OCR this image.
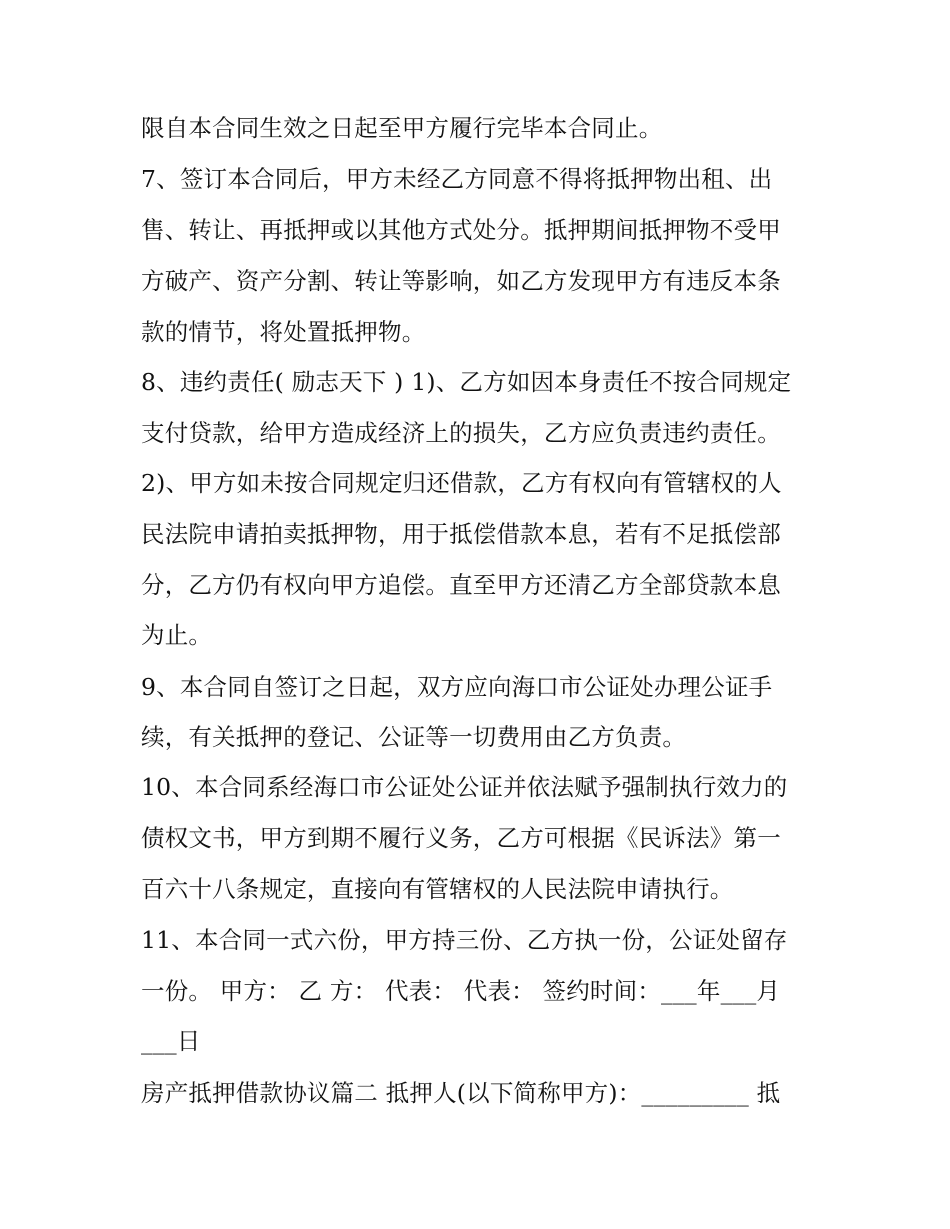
限自本合同生效之日起至甲方履行完毕本合同止。
7、签订本合同后，甲方未经乙方同意不得将抵押物出租、出
售、转让、再抵押或以其他方式处分。抵押期间抵押物不受甲
方破产、资产分割、转让等影响，如乙方发现甲方有违反本条
款的情节，将处置抵押物。
8、违约责任( 励志天下 ) 1)、乙方如因本身责任不按合同规定
支付贷款，给甲方造成经济上的损失，乙方应负责违约责任。
2)、甲方如未按合同规定归还借款，乙方有权向有管辖权的人
民法院申请拍卖抵押物，用于抵偿借款本息，若有不足抵偿部
分，乙方仍有权向甲方追偿。直至甲方还清乙方全部贷款本息
为止。
9、本合同自签订之日起，双方应向海口市公证处办理公证手
续，有关抵押的登记、公证等一切费用由乙方负责。
10、本合同系经海口市公证处公证并依法赋予强制执行效力的
债权文书，甲方到期不履行义务，乙方可根据《民诉法》第一
百六十八条规定，直接向有管辖权的人民法院申请执行。
11、本合同一式六份，甲方持三份、乙方执一份，公证处留存
一份。 甲方： 乙 方： 代表： 代表： 签约时间：___年___月
___日
房产抵押借款协议篇二 抵押人(以下简称甲方)：_________ 抵
